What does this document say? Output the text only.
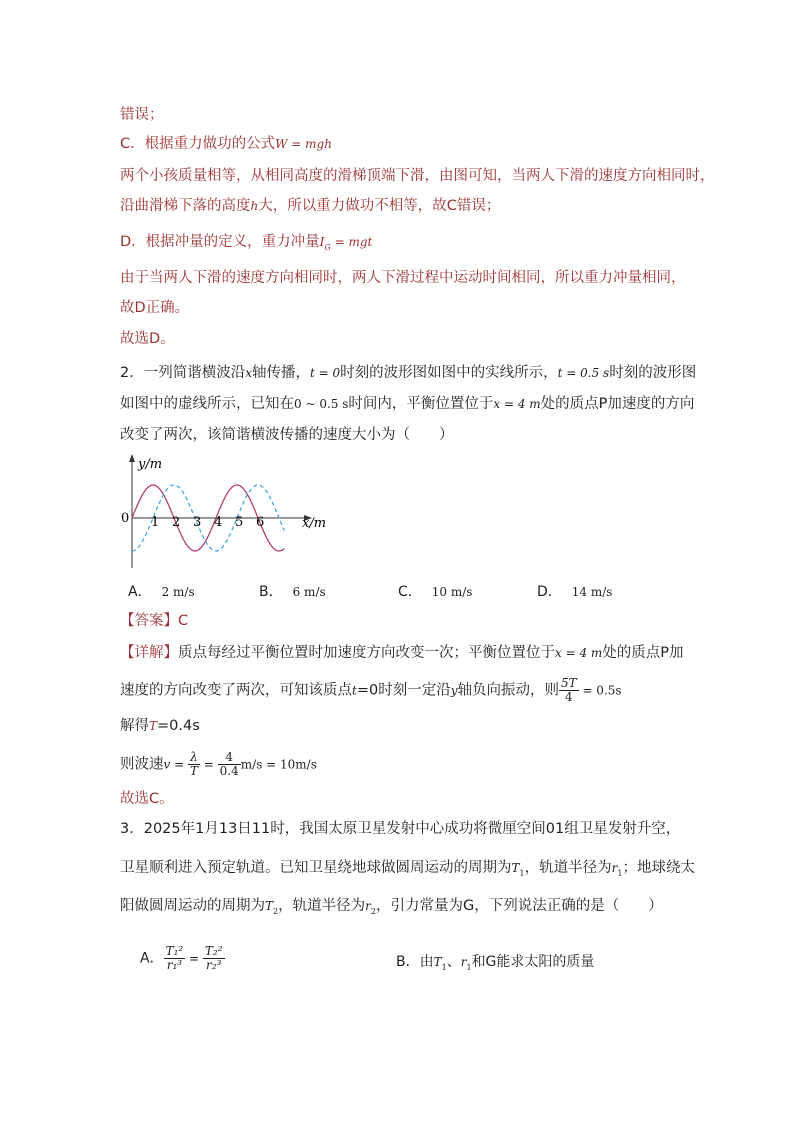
错误；
C．根据重力做功的公式W = mgh
两个小孩质量相等，从相同高度的滑梯顶端下滑，由图可知，当两人下滑的速度方向相同时，
沿曲滑梯下落的高度h大，所以重力做功不相等，故C错误；
D．根据冲量的定义，重力冲量$I_G$ = mgt
由于当两人下滑的速度方向相同时，两人下滑过程中运动时间相同，所以重力冲量相同，
故D正确。
故选D。
2．一列简谐横波沿x轴传播，t = 0时刻的波形图如图中的实线所示，t = 0.5 s时刻的波形图
如图中的虚线所示，已知在0 ~ 0.5 s时间内，平衡位置位于x = 4 m处的质点P加速度的方向
改变了两次，该简谐横波传播的速度大小为（　　）
y/m
x/m
0 1 2 3 4 5 6
A． 2 m/s	B． 6 m/s	C． 10 m/s	D． 14 m/s
【答案】C
【详解】质点每经过平衡位置时加速度方向改变一次；平衡位置位于x = 4 m处的质点P加
速度的方向改变了两次，可知该质点t=0时刻一定沿y轴负向振动，则 $\frac{5T}{4} = 0.5s$
解得T=0.4s
则波速$v = \frac{\lambda}{T} = \frac{4}{0.4} m/s = 10m/s$
故选C。
3．2025年1月13日11时，我国太原卫星发射中心成功将微厘空间01组卫星发射升空，
卫星顺利进入预定轨道。已知卫星绕地球做圆周运动的周期为$T_1$，轨道半径为$r_1$；地球绕太
阳做圆周运动的周期为$T_2$，轨道半径为$r_2$，引力常量为G，下列说法正确的是（　　）
A． $\frac{\text{T₁²}}{\text{r₁³}} = \frac{\text{T₂²}}{\text{r₂³}}$	B．由$T_1$、$r_1$和G能求太阳的质量
